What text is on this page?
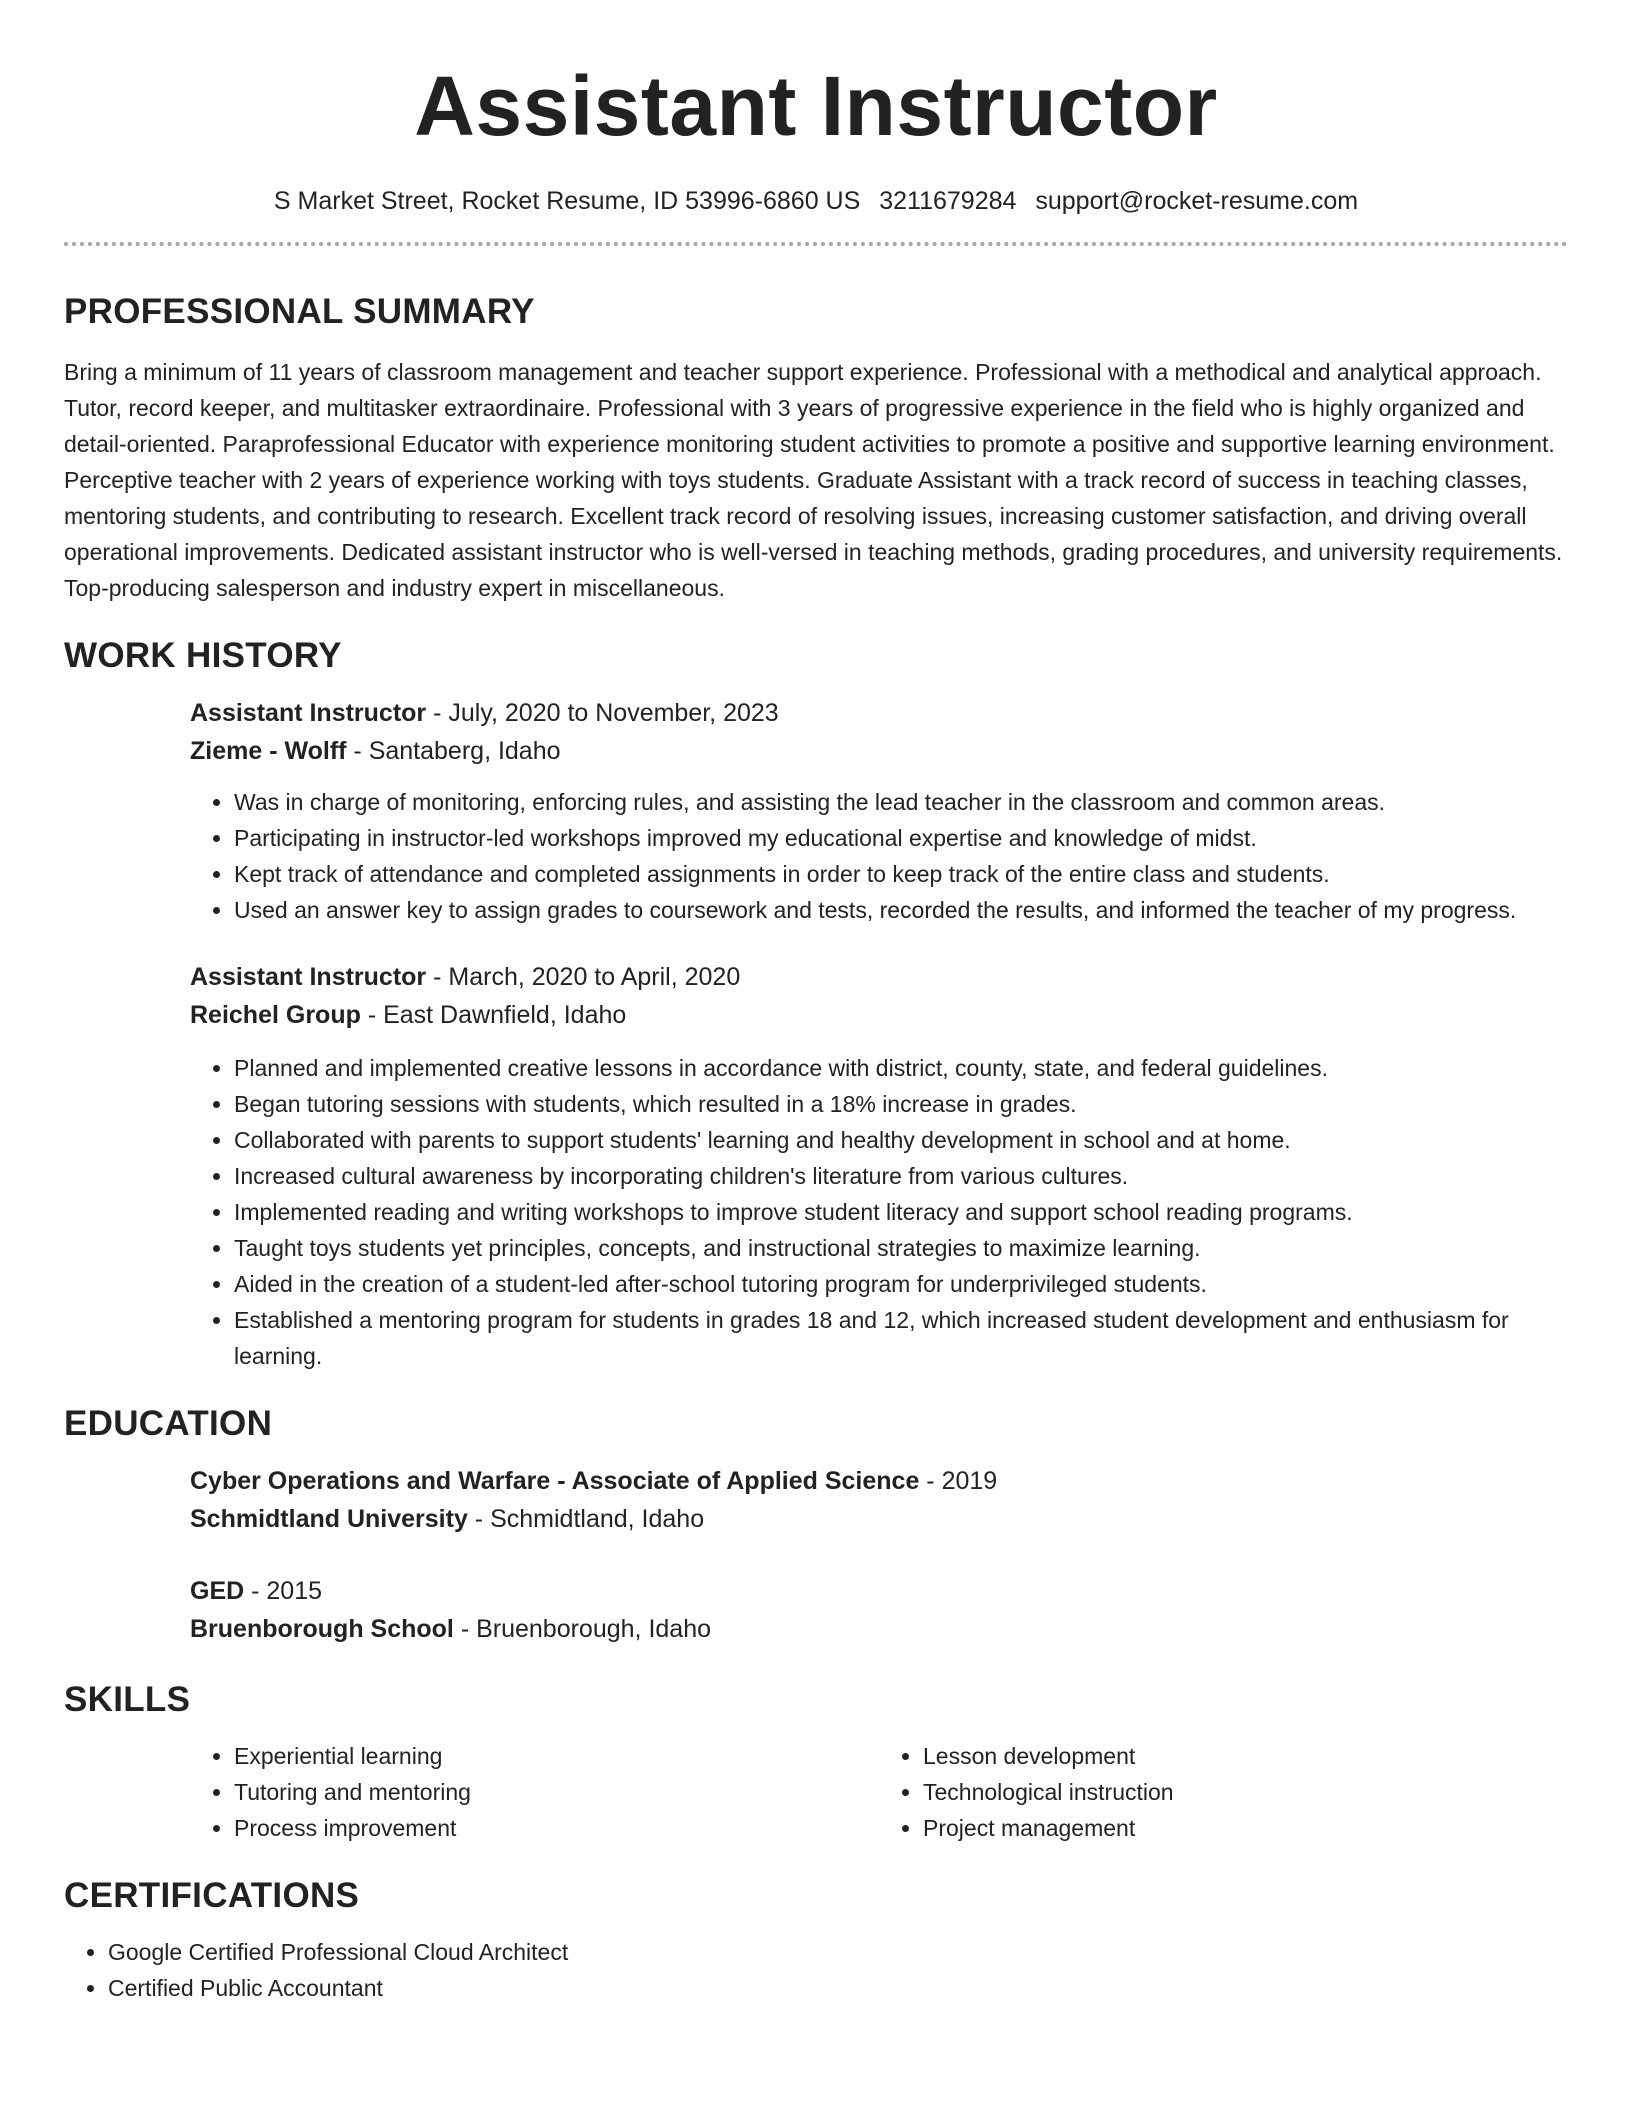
Assistant Instructor
S Market Street, Rocket Resume, ID 53996-6860 US 3211679284 support@rocket-resume.com
PROFESSIONAL SUMMARY

Bring a minimum of 11 years of classroom management and teacher support experience. Professional with a methodical and analytical approach. Tutor, record keeper, and multitasker extraordinaire. Professional with 3 years of progressive experience in the field who is highly organized and detail-oriented. Paraprofessional Educator with experience monitoring student activities to promote a positive and supportive learning environment. Perceptive teacher with 2 years of experience working with toys students. Graduate Assistant with a track record of success in teaching classes, mentoring students, and contributing to research. Excellent track record of resolving issues, increasing customer satisfaction, and driving overall operational improvements. Dedicated assistant instructor who is well-versed in teaching methods, grading procedures, and university requirements. Top-producing salesperson and industry expert in miscellaneous.

WORK HISTORY

Assistant Instructor - July, 2020 to November, 2023

Zieme - Wolff - Santaberg, Idaho

• Was in charge of monitoring, enforcing rules, and assisting the lead teacher in the classroom and common areas.
• Participating in instructor-led workshops improved my educational expertise and knowledge of midst.
• Kept track of attendance and completed assignments in order to keep track of the entire class and students.
• Used an answer key to assign grades to coursework and tests, recorded the results, and informed the teacher of my progress.

Assistant Instructor - March, 2020 to April, 2020

Reichel Group - East Dawnfield, Idaho

• Planned and implemented creative lessons in accordance with district, county, state, and federal guidelines.
• Began tutoring sessions with students, which resulted in a 18% increase in grades.
• Collaborated with parents to support students' learning and healthy development in school and at home.
• Increased cultural awareness by incorporating children's literature from various cultures.
• Implemented reading and writing workshops to improve student literacy and support school reading programs.
• Taught toys students yet principles, concepts, and instructional strategies to maximize learning.
• Aided in the creation of a student-led after-school tutoring program for underprivileged students.
• Established a mentoring program for students in grades 18 and 12, which increased student development and enthusiasm for learning.
EDUCATION

Cyber Operations and Warfare - Associate of Applied Science - 2019

Schmidtland University - Schmidtland, Idaho

GED - 2015

Bruenborough School - Bruenborough, Idaho

SKILLS
• Experiential learning
• Tutoring and mentoring
• Process improvement
• Lesson development
• Technological instruction
• Project management
CERTIFICATIONS
• Google Certified Professional Cloud Architect
• Certified Public Accountant
